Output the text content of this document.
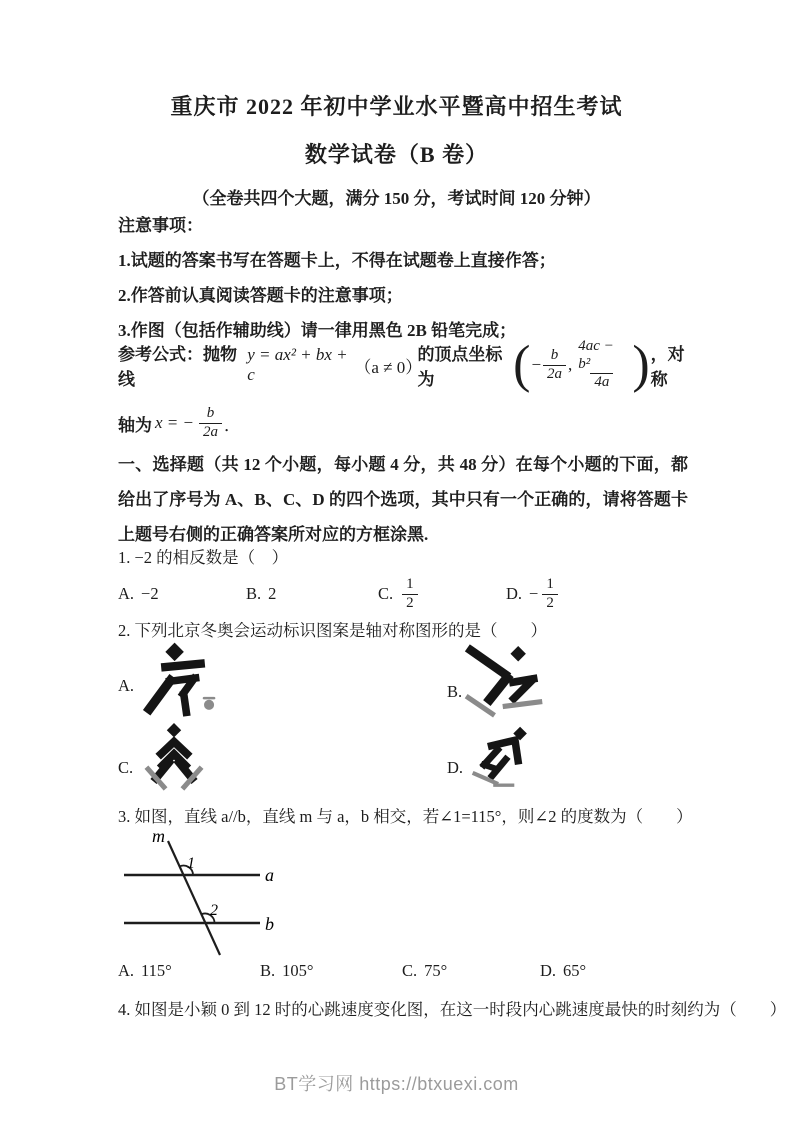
重庆市 2022 年初中学业水平暨高中招生考试
数学试卷（B 卷）
（全卷共四个大题，满分 150 分，考试时间 120 分钟）
注意事项：
1.试题的答案书写在答题卡上，不得在试题卷上直接作答；
2.作答前认真阅读答题卡的注意事项；
3.作图（包括作辅助线）请一律用黑色 2B 铅笔完成；
参考公式：抛物线
y = ax² + bx + c	（a ≠ 0）
的顶点坐标为	( − $\frac{b}{2a}$ , $\frac{\text{4ac − b²}}{4a}$ ) ，对称
轴为 x = − $\frac{b}{2a}$ ．
一、选择题（共 12 个小题，每小题 4 分，共 48 分）在每个小题的下面，都给出了序号为 A、B、C、D 的四个选项，其中只有一个正确的，请将答题卡上题号右侧的正确答案所对应的方框涂黑.
1. −2 的相反数是（　）
A. −2	B. 2	C. $\frac{1}{2}$	D. − $\frac{1}{2}$
2. 下列北京冬奥会运动标识图案是轴对称图形的是（　　）
A.	B.
C.	D.
3. 如图，直线 a//b，直线 m 与 a，b 相交，若∠1=115°，则∠2 的度数为（　　）
m
a
b
1
2
A. 115°	B. 105°	C. 75°	D. 65°
4. 如图是小颖 0 到 12 时的心跳速度变化图，在这一时段内心跳速度最快的时刻约为（　　）
BT学习网 https://btxuexi.com
